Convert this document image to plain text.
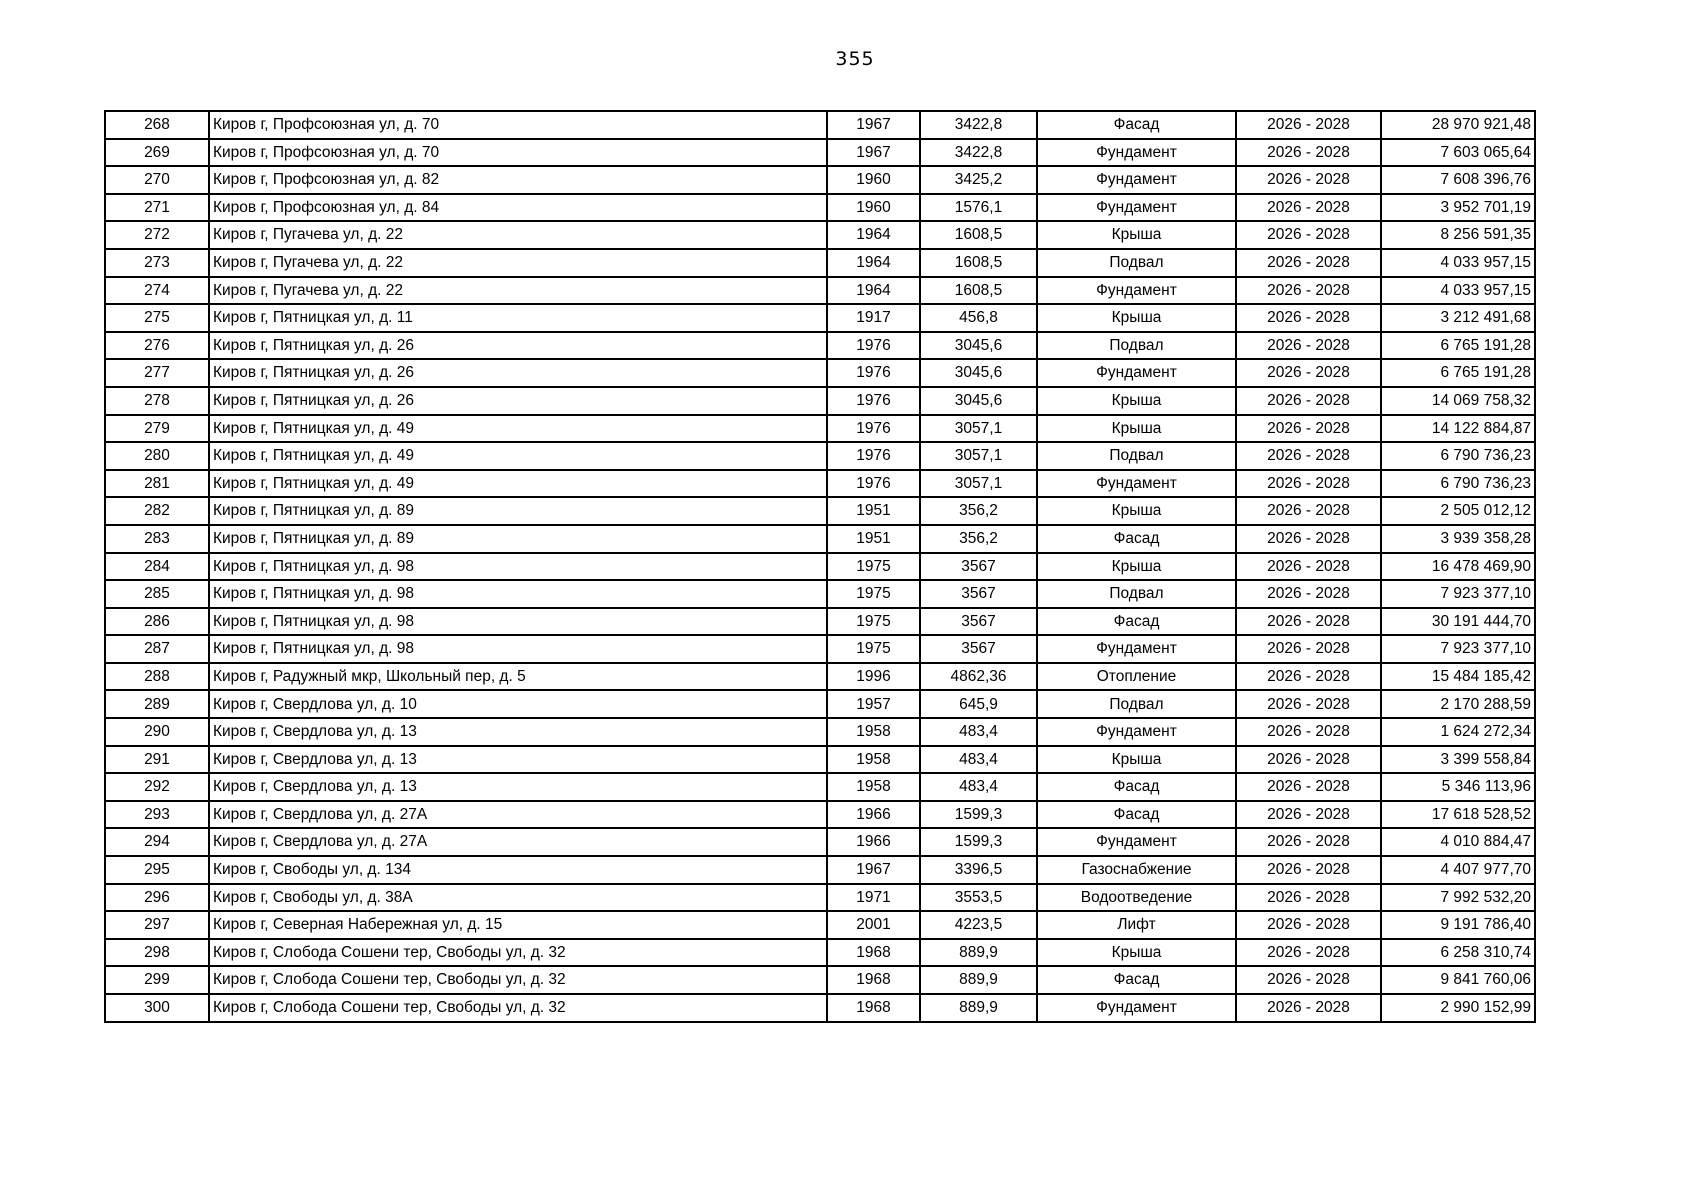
355
268	Киров г, Профсоюзная ул, д. 70	1967	3422,8	Фасад	2026 - 2028	28 970 921,48
269	Киров г, Профсоюзная ул, д. 70	1967	3422,8	Фундамент	2026 - 2028	7 603 065,64
270	Киров г, Профсоюзная ул, д. 82	1960	3425,2	Фундамент	2026 - 2028	7 608 396,76
271	Киров г, Профсоюзная ул, д. 84	1960	1576,1	Фундамент	2026 - 2028	3 952 701,19
272	Киров г, Пугачева ул, д. 22	1964	1608,5	Крыша	2026 - 2028	8 256 591,35
273	Киров г, Пугачева ул, д. 22	1964	1608,5	Подвал	2026 - 2028	4 033 957,15
274	Киров г, Пугачева ул, д. 22	1964	1608,5	Фундамент	2026 - 2028	4 033 957,15
275	Киров г, Пятницкая ул, д. 11	1917	456,8	Крыша	2026 - 2028	3 212 491,68
276	Киров г, Пятницкая ул, д. 26	1976	3045,6	Подвал	2026 - 2028	6 765 191,28
277	Киров г, Пятницкая ул, д. 26	1976	3045,6	Фундамент	2026 - 2028	6 765 191,28
278	Киров г, Пятницкая ул, д. 26	1976	3045,6	Крыша	2026 - 2028	14 069 758,32
279	Киров г, Пятницкая ул, д. 49	1976	3057,1	Крыша	2026 - 2028	14 122 884,87
280	Киров г, Пятницкая ул, д. 49	1976	3057,1	Подвал	2026 - 2028	6 790 736,23
281	Киров г, Пятницкая ул, д. 49	1976	3057,1	Фундамент	2026 - 2028	6 790 736,23
282	Киров г, Пятницкая ул, д. 89	1951	356,2	Крыша	2026 - 2028	2 505 012,12
283	Киров г, Пятницкая ул, д. 89	1951	356,2	Фасад	2026 - 2028	3 939 358,28
284	Киров г, Пятницкая ул, д. 98	1975	3567	Крыша	2026 - 2028	16 478 469,90
285	Киров г, Пятницкая ул, д. 98	1975	3567	Подвал	2026 - 2028	7 923 377,10
286	Киров г, Пятницкая ул, д. 98	1975	3567	Фасад	2026 - 2028	30 191 444,70
287	Киров г, Пятницкая ул, д. 98	1975	3567	Фундамент	2026 - 2028	7 923 377,10
288	Киров г, Радужный мкр, Школьный пер, д. 5	1996	4862,36	Отопление	2026 - 2028	15 484 185,42
289	Киров г, Свердлова ул, д. 10	1957	645,9	Подвал	2026 - 2028	2 170 288,59
290	Киров г, Свердлова ул, д. 13	1958	483,4	Фундамент	2026 - 2028	1 624 272,34
291	Киров г, Свердлова ул, д. 13	1958	483,4	Крыша	2026 - 2028	3 399 558,84
292	Киров г, Свердлова ул, д. 13	1958	483,4	Фасад	2026 - 2028	5 346 113,96
293	Киров г, Свердлова ул, д. 27А	1966	1599,3	Фасад	2026 - 2028	17 618 528,52
294	Киров г, Свердлова ул, д. 27А	1966	1599,3	Фундамент	2026 - 2028	4 010 884,47
295	Киров г, Свободы ул, д. 134	1967	3396,5	Газоснабжение	2026 - 2028	4 407 977,70
296	Киров г, Свободы ул, д. 38А	1971	3553,5	Водоотведение	2026 - 2028	7 992 532,20
297	Киров г, Северная Набережная ул, д. 15	2001	4223,5	Лифт	2026 - 2028	9 191 786,40
298	Киров г, Слобода Сошени тер, Свободы ул, д. 32	1968	889,9	Крыша	2026 - 2028	6 258 310,74
299	Киров г, Слобода Сошени тер, Свободы ул, д. 32	1968	889,9	Фасад	2026 - 2028	9 841 760,06
300	Киров г, Слобода Сошени тер, Свободы ул, д. 32	1968	889,9	Фундамент	2026 - 2028	2 990 152,99
